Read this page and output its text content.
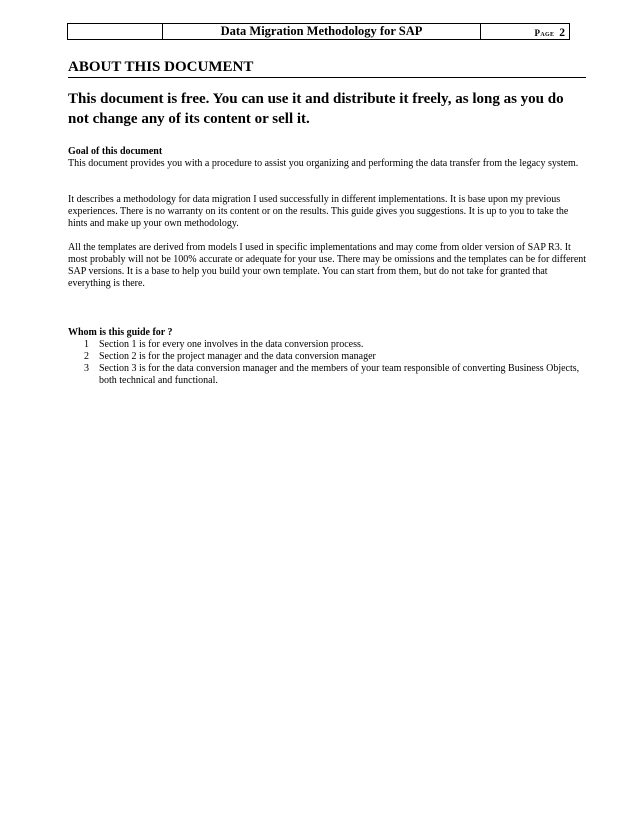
Data Migration Methodology for SAP	Page 2
ABOUT THIS DOCUMENT
This document is free. You can use it and distribute it freely, as long as you do not change any of its content or sell it.
Goal of this document
This document provides you with a procedure to assist you organizing and performing the data transfer from the legacy system.
It describes a methodology for data migration I used successfully in different implementations. It is base upon my previous experiences. There is no warranty on its content or on the results. This guide gives you suggestions. It is up to you to take the hints and make up your own methodology.
All the templates are derived from models I used in specific implementations and may come from older version of SAP R3. It most probably will not be 100% accurate or adequate for your use. There may be omissions and the templates can be for different SAP versions. It is a base to help you build your own template. You can start from them, but do not take for granted that everything is there.
Whom is this guide for ?
1	Section 1 is for every one involves in the data conversion process.
2	Section 2 is for the project manager and the data conversion manager
3	Section 3 is for the data conversion manager and the members of your team responsible of converting Business Objects, both technical and functional.
